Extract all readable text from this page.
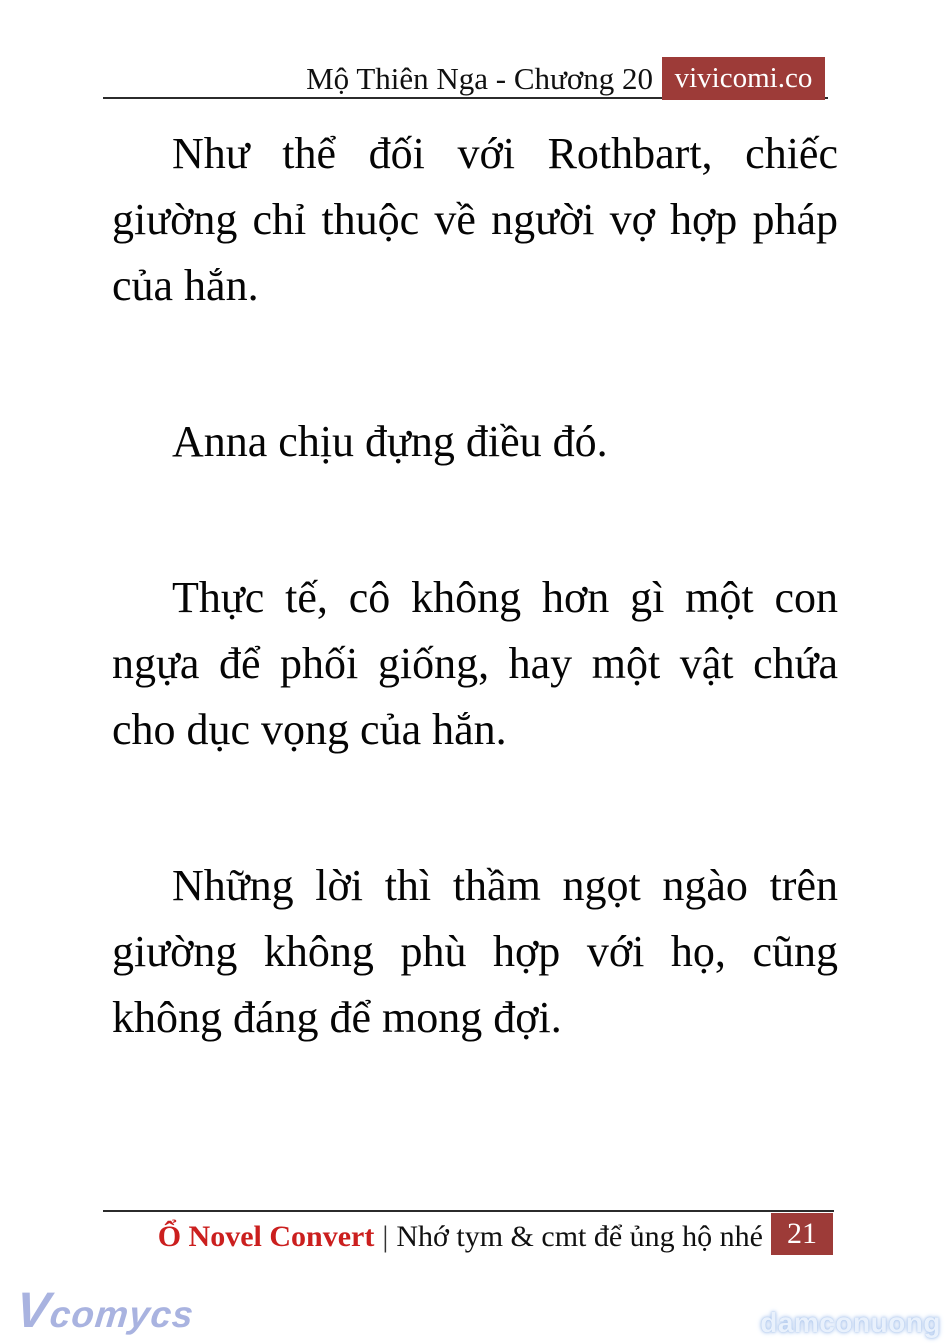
Mộ Thiên Nga - Chương 20 vivicomi.co

Như thể đối với Rothbart, chiếc giường chỉ thuộc về người vợ hợp pháp của hắn.

Anna chịu đựng điều đó.

Thực tế, cô không hơn gì một con ngựa để phối giống, hay một vật chứa cho dục vọng của hắn.

Những lời thì thầm ngọt ngào trên giường không phù hợp với họ, cũng không đáng để mong đợi.

Ổ Novel Convert | Nhớ tym & cmt để ủng hộ nhé 21
Vcomycs	damconuong
